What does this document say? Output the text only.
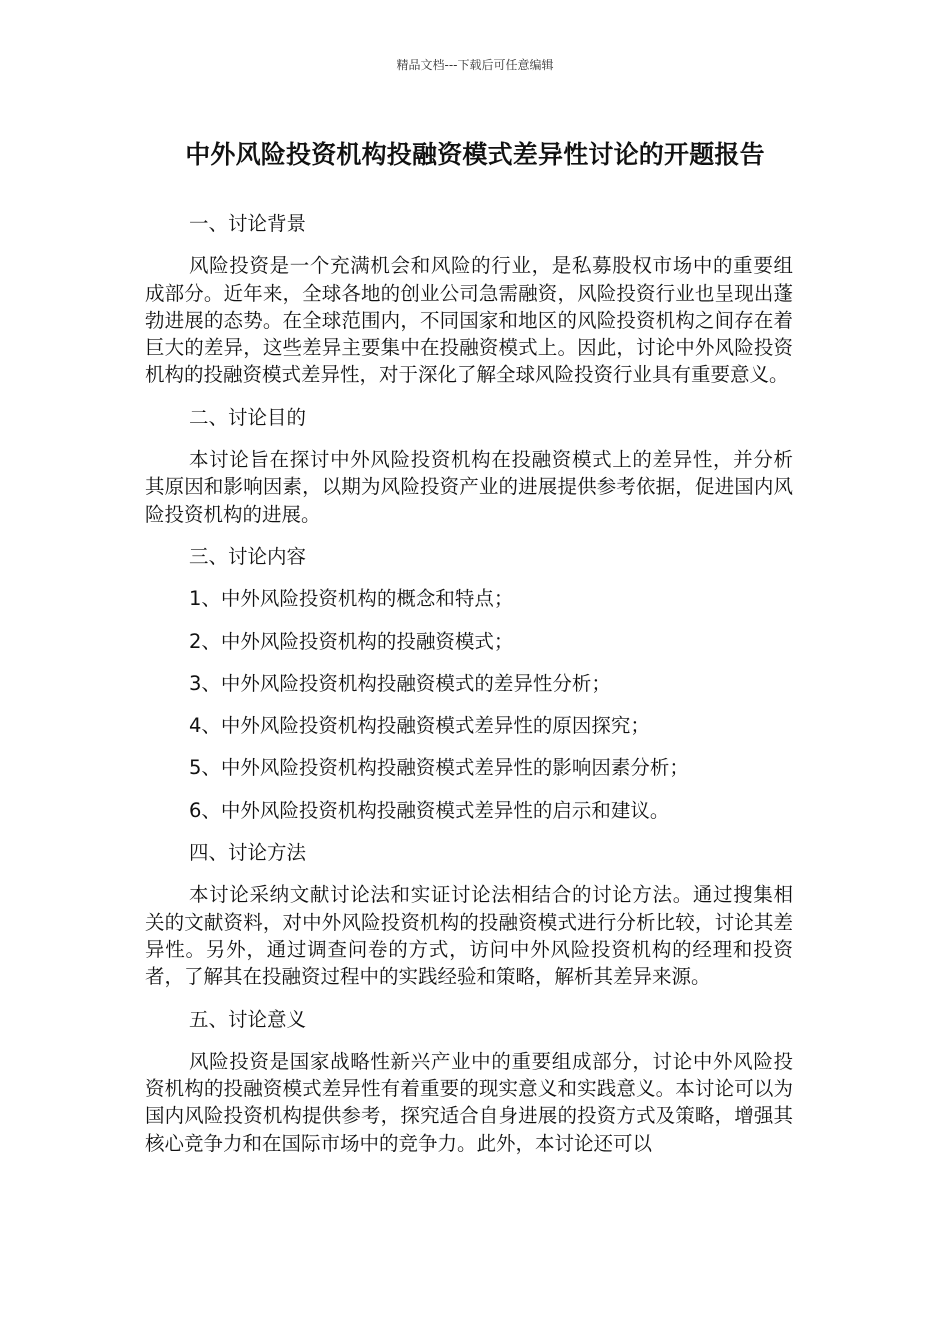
精品文档---下载后可任意编辑
中外风险投资机构投融资模式差异性讨论的开题报告

一、讨论背景

风险投资是一个充满机会和风险的行业，是私募股权市场中的重要组成部分。近年来，全球各地的创业公司急需融资，风险投资行业也呈现出蓬勃进展的态势。在全球范围内，不同国家和地区的风险投资机构之间存在着巨大的差异，这些差异主要集中在投融资模式上。因此，讨论中外风险投资机构的投融资模式差异性，对于深化了解全球风险投资行业具有重要意义。

二、讨论目的

本讨论旨在探讨中外风险投资机构在投融资模式上的差异性，并分析其原因和影响因素，以期为风险投资产业的进展提供参考依据，促进国内风险投资机构的进展。

三、讨论内容

1、中外风险投资机构的概念和特点；

2、中外风险投资机构的投融资模式；

3、中外风险投资机构投融资模式的差异性分析；

4、中外风险投资机构投融资模式差异性的原因探究；

5、中外风险投资机构投融资模式差异性的影响因素分析；

6、中外风险投资机构投融资模式差异性的启示和建议。

四、讨论方法

本讨论采纳文献讨论法和实证讨论法相结合的讨论方法。通过搜集相关的文献资料，对中外风险投资机构的投融资模式进行分析比较，讨论其差异性。另外，通过调查问卷的方式，访问中外风险投资机构的经理和投资者，了解其在投融资过程中的实践经验和策略，解析其差异来源。

五、讨论意义

风险投资是国家战略性新兴产业中的重要组成部分，讨论中外风险投资机构的投融资模式差异性有着重要的现实意义和实践意义。本讨论可以为国内风险投资机构提供参考，探究适合自身进展的投资方式及策略，增强其核心竞争力和在国际市场中的竞争力。此外，本讨论还可以
